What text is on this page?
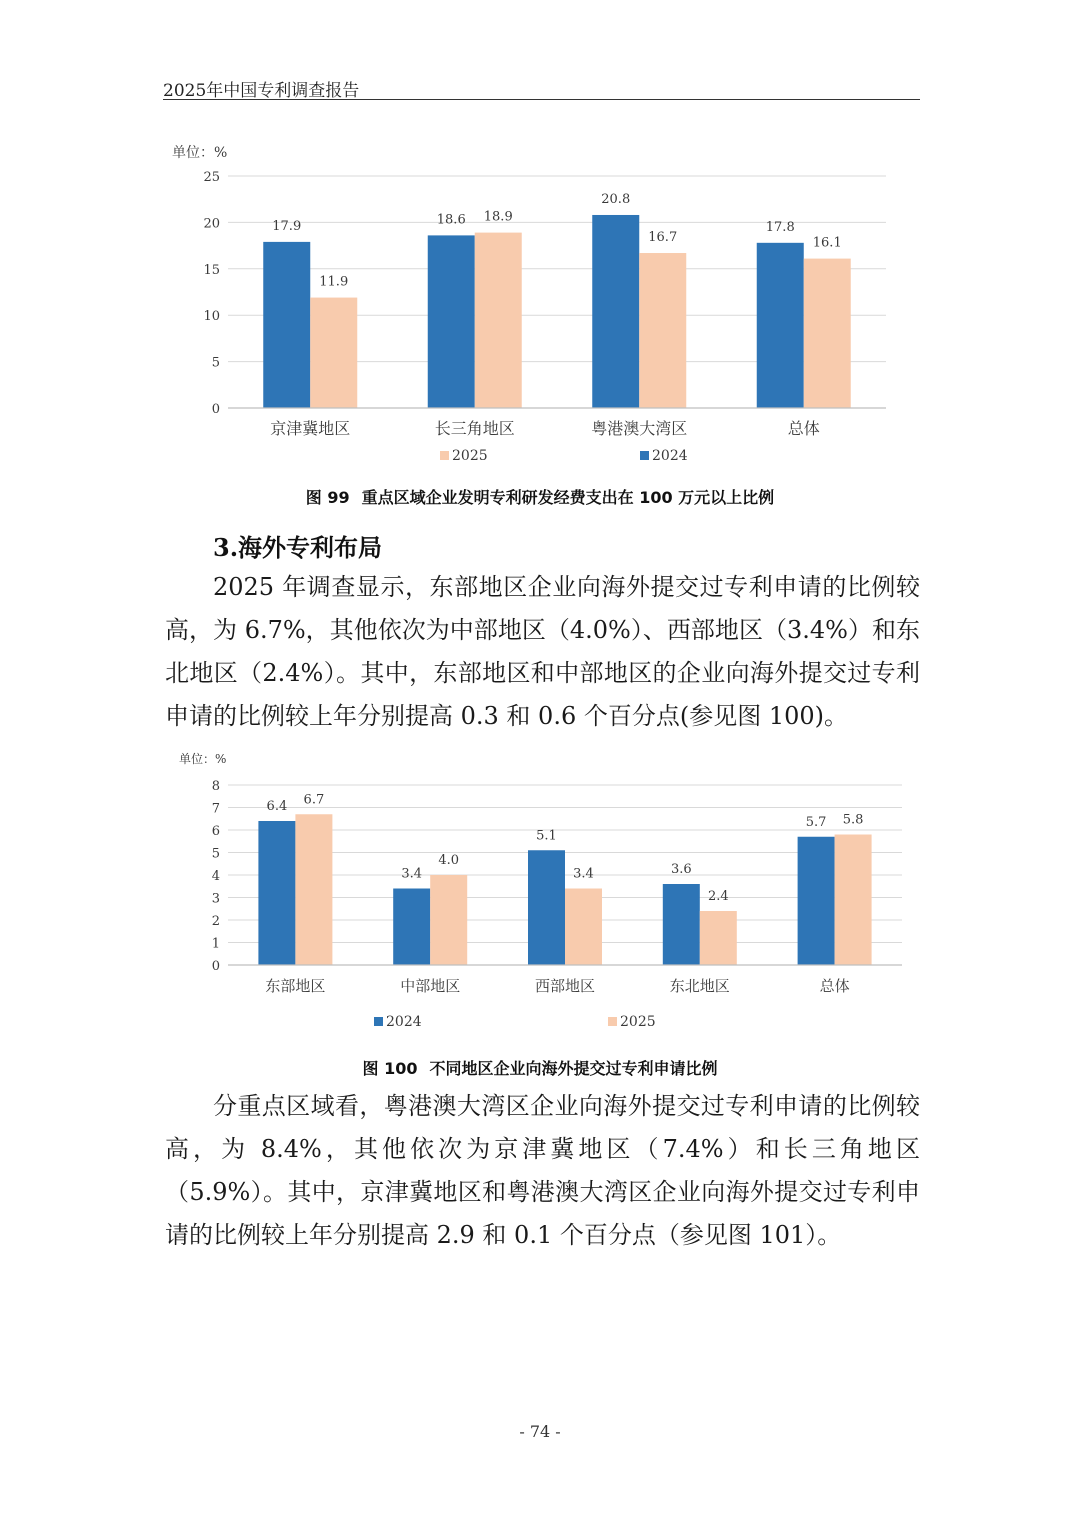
2025年中国专利调查报告
单位：%
0
5
10
15
20
25
17.9
11.9
京津冀地区
18.6 18.9
长三角地区
20.8
16.7
粤港澳大湾区
17.8
16.1
总体
2025	2024
图 99 重点区域企业发明专利研发经费支出在 100 万元以上比例
3.海外专利布局

2025 年调查显示，东部地区企业向海外提交过专利申请的比例较高，为 6.7%，其他依次为中部地区（4.0%）、西部地区（3.4%）和东北地区（2.4%）。其中，东部地区和中部地区的企业向海外提交过专利申请的比例较上年分别提高 0.3 和 0.6 个百分点(参见图 100)。

单位：%
0
1
2
3
4
5
6
7
8
6.4 6.7
东部地区
3.4
4.0
中部地区
5.1
3.4
西部地区
3.6
2.4
东北地区
5.7 5.8
总体
2024	2025
图 100 不同地区企业向海外提交过专利申请比例

分重点区域看，粤港澳大湾区企业向海外提交过专利申请的比例较高，为 8.4%，其他依次为京津冀地区（7.4%）和长三角地区（5.9%）。其中，京津冀地区和粤港澳大湾区企业向海外提交过专利申请的比例较上年分别提高 2.9 和 0.1 个百分点（参见图 101）。

- 74 -
